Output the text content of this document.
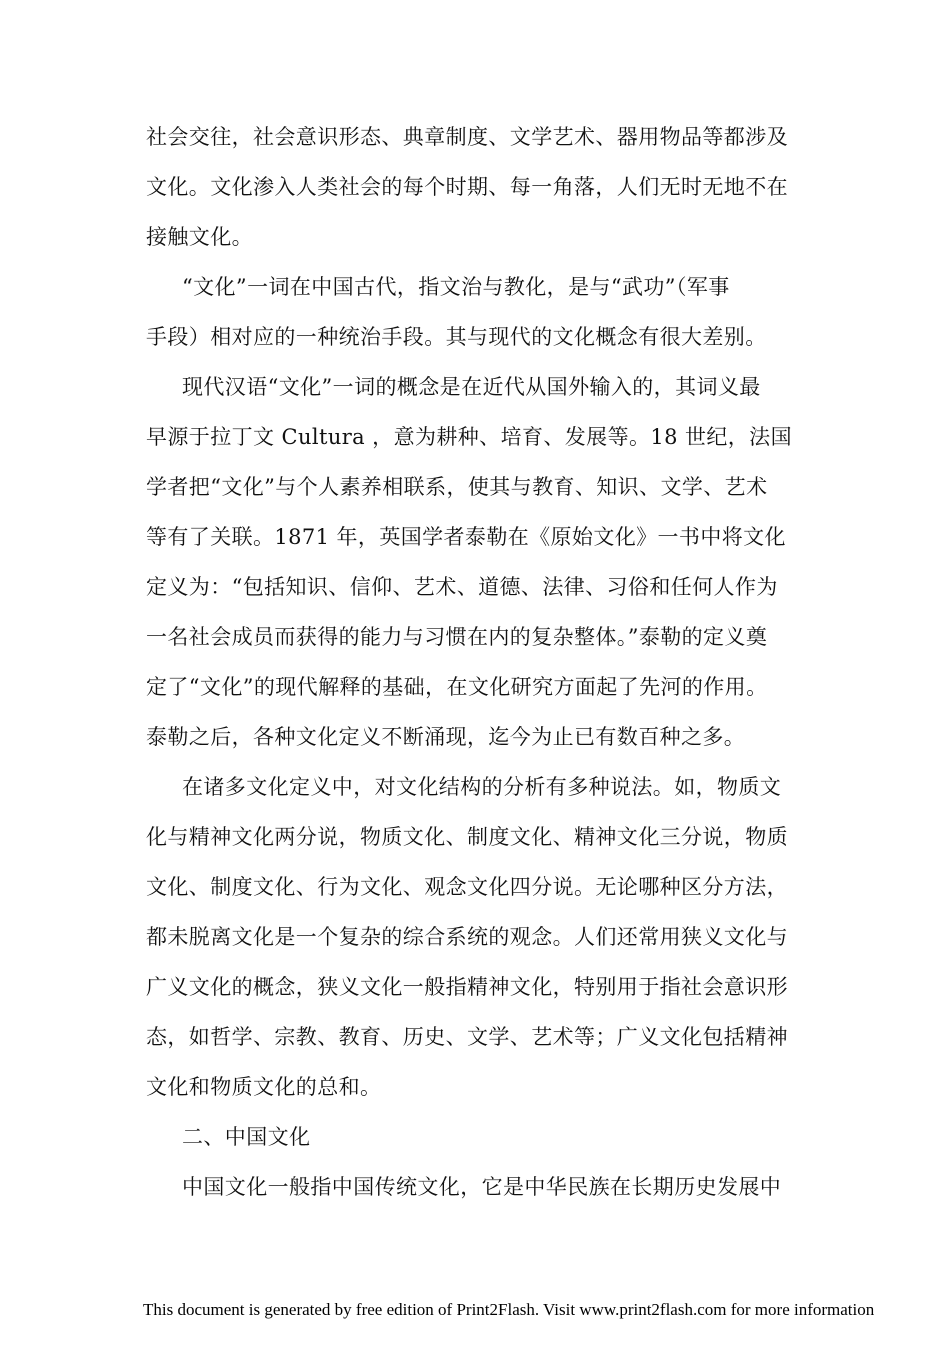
社会交往，社会意识形态、典章制度、文学艺术、器用物品等都涉及
文化。文化渗入人类社会的每个时期、每一角落，人们无时无地不在
接触文化。
“文化”一词在中国古代，指文治与教化，是与“武功”（军事
手段）相对应的一种统治手段。其与现代的文化概念有很大差别。
现代汉语“文化”一词的概念是在近代从国外输入的，其词义最
早源于拉丁文 Cultura ，意为耕种、培育、发展等。18 世纪，法国
学者把“文化”与个人素养相联系，使其与教育、知识、文学、艺术
等有了关联。1871 年，英国学者泰勒在《原始文化》一书中将文化
定义为：“包括知识、信仰、艺术、道德、法律、习俗和任何人作为
一名社会成员而获得的能力与习惯在内的复杂整体。”泰勒的定义奠
定了“文化”的现代解释的基础，在文化研究方面起了先河的作用。
泰勒之后，各种文化定义不断涌现，迄今为止已有数百种之多。
在诸多文化定义中，对文化结构的分析有多种说法。如，物质文
化与精神文化两分说，物质文化、制度文化、精神文化三分说，物质
文化、制度文化、行为文化、观念文化四分说。无论哪种区分方法，
都未脱离文化是一个复杂的综合系统的观念。人们还常用狭义文化与
广义文化的概念，狭义文化一般指精神文化，特别用于指社会意识形
态，如哲学、宗教、教育、历史、文学、艺术等；广义文化包括精神
文化和物质文化的总和。
二、中国文化
中国文化一般指中国传统文化，它是中华民族在长期历史发展中
This document is generated by free edition of Print2Flash. Visit www.print2flash.com for more information
